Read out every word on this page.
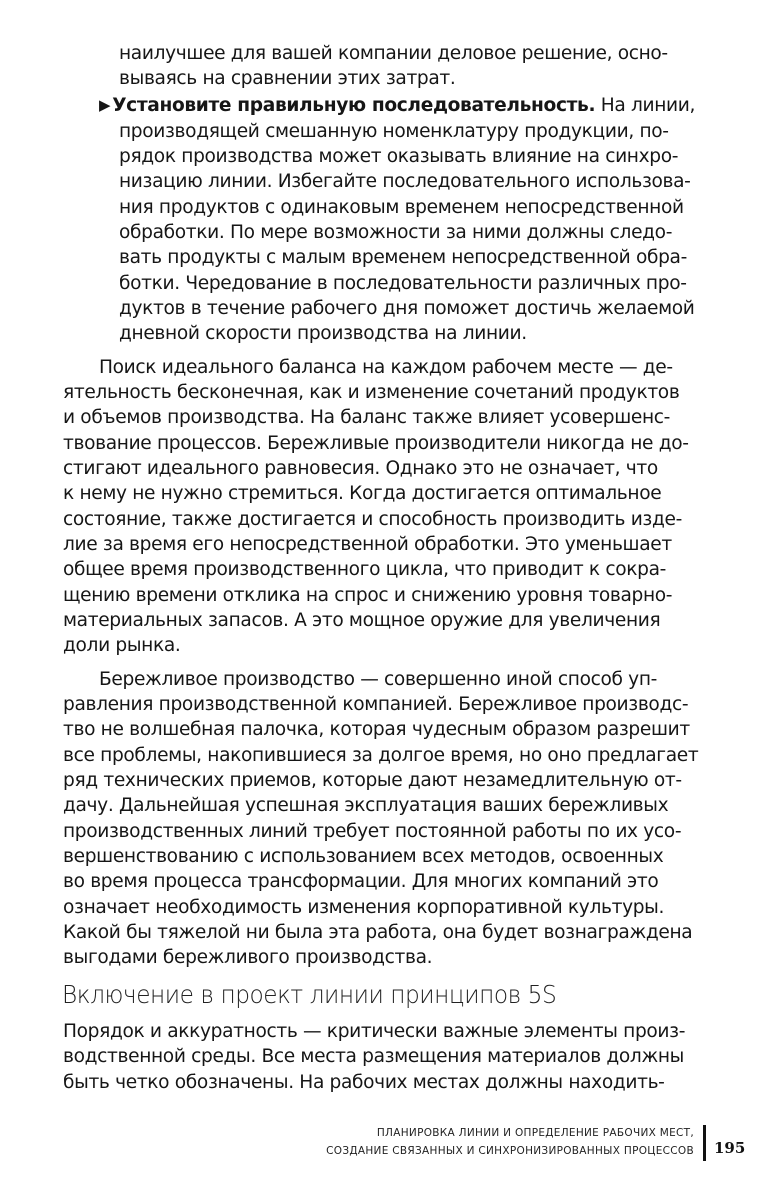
наилучшее для вашей компании деловое решение, осно-
вываясь на сравнении этих затрат.
▶ Установите правильную последовательность. На линии,
производящей смешанную номенклатуру продукции, по-
рядок производства может оказывать влияние на синхро-
низацию линии. Избегайте последовательного использова-
ния продуктов с одинаковым временем непосредственной
обработки. По мере возможности за ними должны следо-
вать продукты с малым временем непосредственной обра-
ботки. Чередование в последовательности различных про-
дуктов в течение рабочего дня поможет достичь желаемой
дневной скорости производства на линии.
Поиск идеального баланса на каждом рабочем месте — де-
ятельность бесконечная, как и изменение сочетаний продуктов
и объемов производства. На баланс также влияет усовершенс-
твование процессов. Бережливые производители никогда не до-
стигают идеального равновесия. Однако это не означает, что
к нему не нужно стремиться. Когда достигается оптимальное
состояние, также достигается и способность производить изде-
лие за время его непосредственной обработки. Это уменьшает
общее время производственного цикла, что приводит к сокра-
щению времени отклика на спрос и снижению уровня товарно-
материальных запасов. А это мощное оружие для увеличения
доли рынка.
Бережливое производство — совершенно иной способ уп-
равления производственной компанией. Бережливое производс-
тво не волшебная палочка, которая чудесным образом разрешит
все проблемы, накопившиеся за долгое время, но оно предлагает
ряд технических приемов, которые дают незамедлительную от-
дачу. Дальнейшая успешная эксплуатация ваших бережливых
производственных линий требует постоянной работы по их усо-
вершенствованию с использованием всех методов, освоенных
во время процесса трансформации. Для многих компаний это
означает необходимость изменения корпоративной культуры.
Какой бы тяжелой ни была эта работа, она будет вознаграждена
выгодами бережливого производства.
Включение в проект линии принципов 5S
Порядок и аккуратность — критически важные элементы произ-
водственной среды. Все места размещения материалов должны
быть четко обозначены. На рабочих местах должны находить-
ПЛАНИРОВКА ЛИНИИ И ОПРЕДЕЛЕНИЕ РАБОЧИХ МЕСТ,
СОЗДАНИЕ СВЯЗАННЫХ И СИНХРОНИЗИРОВАННЫХ ПРОЦЕССОВ 195
